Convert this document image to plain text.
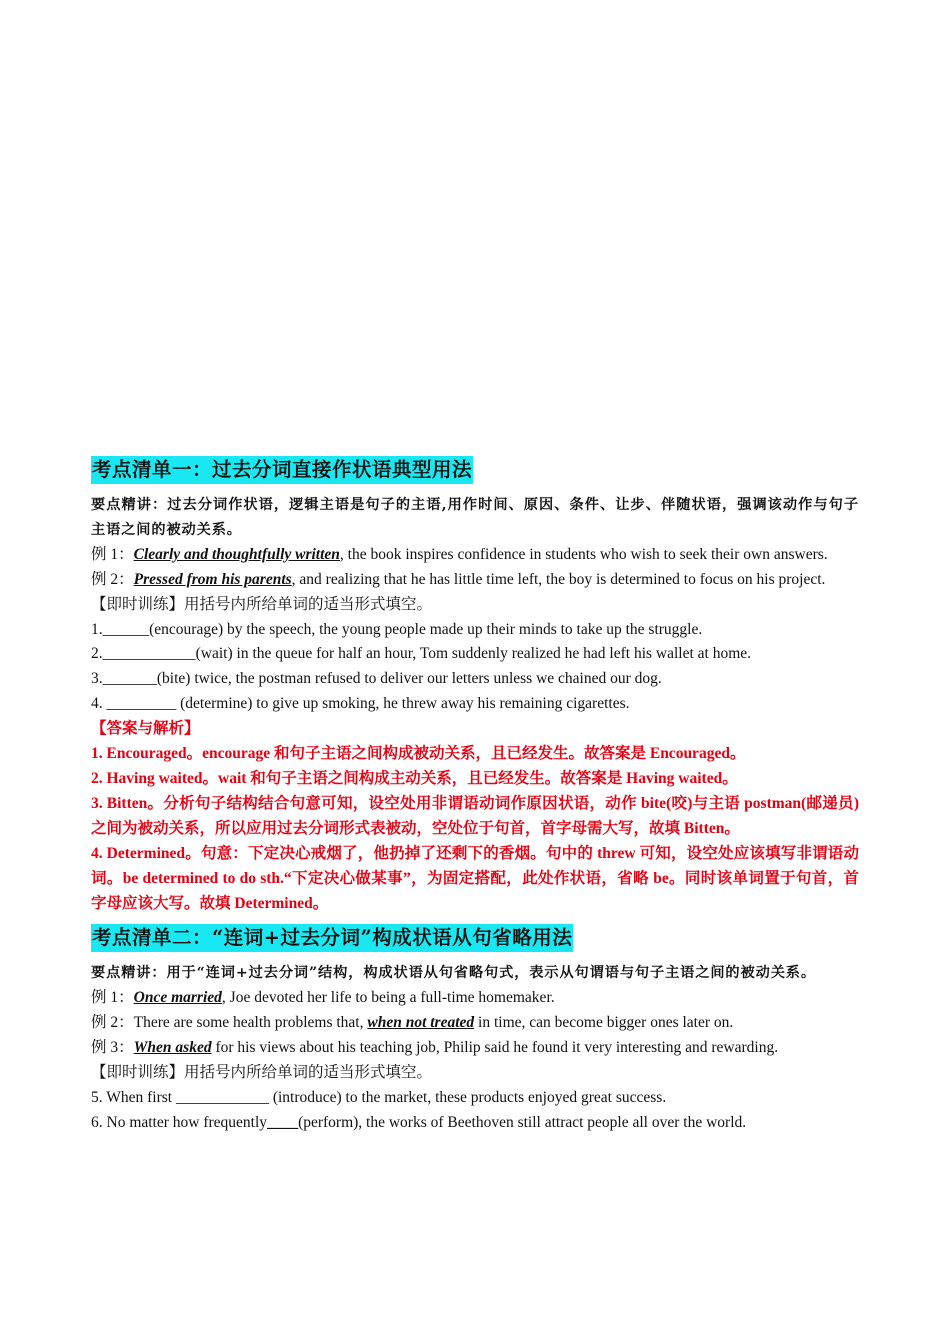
考点清单一：过去分词直接作状语典型用法
要点精讲：过去分词作状语，逻辑主语是句子的主语,用作时间、原因、条件、让步、伴随状语，强调该动作与句子主语之间的被动关系。
例 1：Clearly and thoughtfully written, the book inspires confidence in students who wish to seek their own answers.
例 2：Pressed from his parents, and realizing that he has little time left, the boy is determined to focus on his project.
【即时训练】用括号内所给单词的适当形式填空。
1.______(encourage) by the speech, the young people made up their minds to take up the struggle.
2.____________(wait) in the queue for half an hour, Tom suddenly realized he had left his wallet at home.
3._______(bite) twice, the postman refused to deliver our letters unless we chained our dog.
4. _________ (determine) to give up smoking, he threw away his remaining cigarettes.
【答案与解析】
1. Encouraged。encourage 和句子主语之间构成被动关系，且已经发生。故答案是 Encouraged。
2. Having waited。wait 和句子主语之间构成主动关系，且已经发生。故答案是 Having waited。
3. Bitten。分析句子结构结合句意可知，设空处用非谓语动词作原因状语，动作 bite(咬)与主语 postman(邮递员)之间为被动关系，所以应用过去分词形式表被动，空处位于句首，首字母需大写，故填 Bitten。
4. Determined。句意：下定决心戒烟了，他扔掉了还剩下的香烟。句中的 threw 可知，设空处应该填写非谓语动词。be determined to do sth.“下定决心做某事”，为固定搭配，此处作状语，省略 be。同时该单词置于句首，首字母应该大写。故填 Determined。
考点清单二：“连词+过去分词”构成状语从句省略用法
要点精讲：用于“连词+过去分词”结构，构成状语从句省略句式，表示从句谓语与句子主语之间的被动关系。
例 1：Once married, Joe devoted her life to being a full-time homemaker.
例 2：There are some health problems that, when not treated in time, can become bigger ones later on.
例 3：When asked for his views about his teaching job, Philip said he found it very interesting and rewarding.
【即时训练】用括号内所给单词的适当形式填空。
5. When first ____________ (introduce) to the market, these products enjoyed great success.
6. No matter how frequently____(perform), the works of Beethoven still attract people all over the world.
